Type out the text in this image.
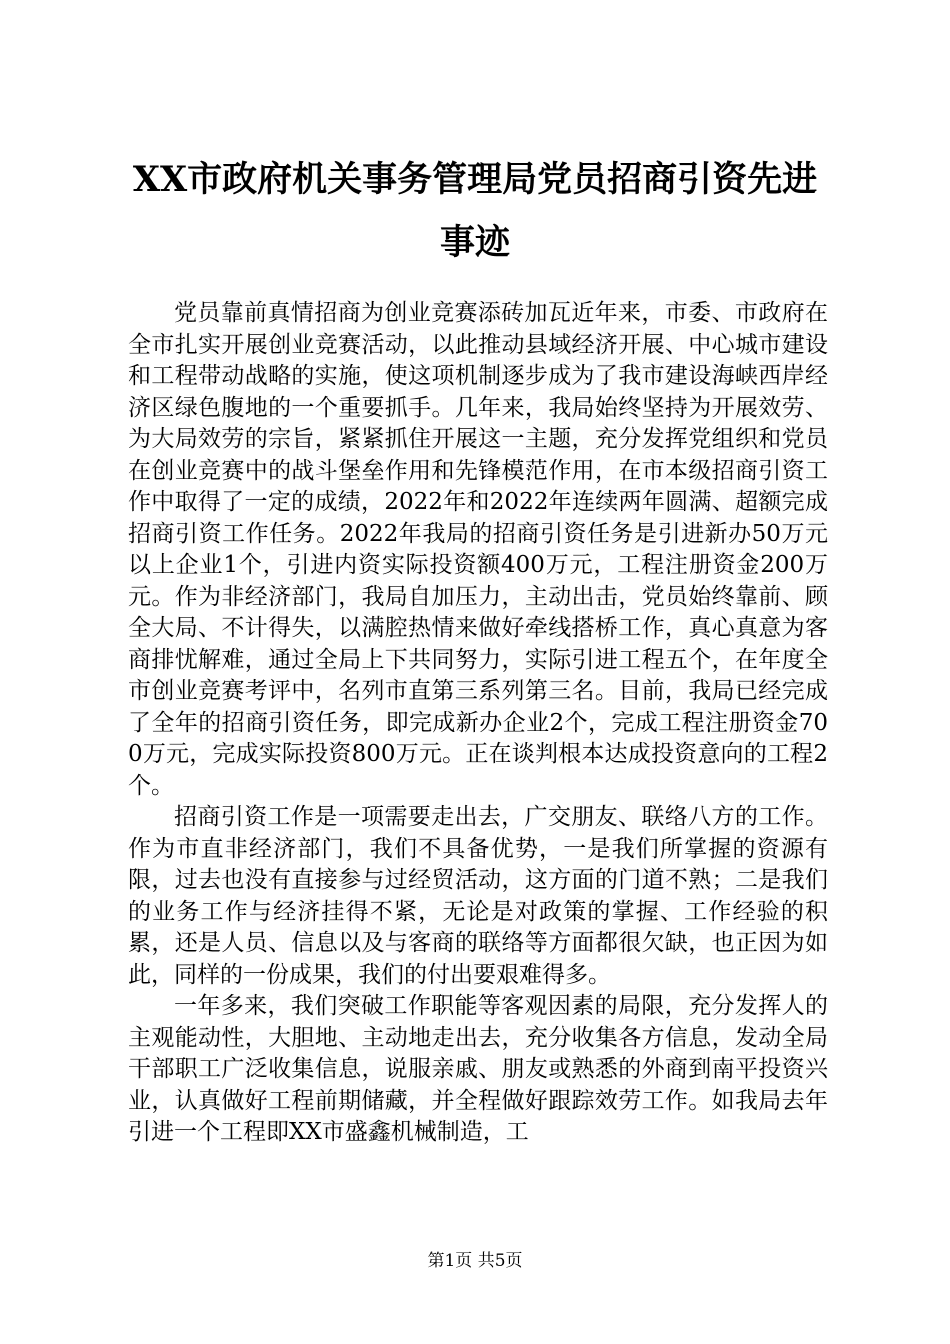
XX市政府机关事务管理局党员招商引资先进
事迹

党员靠前真情招商为创业竞赛添砖加瓦近年来，市委、市政府在全市扎实开展创业竞赛活动，以此推动县域经济开展、中心城市建设和工程带动战略的实施，使这项机制逐步成为了我市建设海峡西岸经济区绿色腹地的一个重要抓手。几年来，我局始终坚持为开展效劳、为大局效劳的宗旨，紧紧抓住开展这一主题，充分发挥党组织和党员在创业竞赛中的战斗堡垒作用和先锋模范作用，在市本级招商引资工作中取得了一定的成绩，2022年和2022年连续两年圆满、超额完成招商引资工作任务。2022年我局的招商引资任务是引进新办50万元以上企业1个，引进内资实际投资额400万元，工程注册资金200万元。作为非经济部门，我局自加压力，主动出击，党员始终靠前、顾全大局、不计得失，以满腔热情来做好牵线搭桥工作，真心真意为客商排忧解难，通过全局上下共同努力，实际引进工程五个，在年度全市创业竞赛考评中，名列市直第三系列第三名。目前，我局已经完成了全年的招商引资任务，即完成新办企业2个，完成工程注册资金700万元，完成实际投资800万元。正在谈判根本达成投资意向的工程2个。

招商引资工作是一项需要走出去，广交朋友、联络八方的工作。作为市直非经济部门，我们不具备优势，一是我们所掌握的资源有限，过去也没有直接参与过经贸活动，这方面的门道不熟；二是我们的业务工作与经济挂得不紧，无论是对政策的掌握、工作经验的积累，还是人员、信息以及与客商的联络等方面都很欠缺，也正因为如此，同样的一份成果，我们的付出要艰难得多。

一年多来，我们突破工作职能等客观因素的局限，充分发挥人的主观能动性，大胆地、主动地走出去，充分收集各方信息，发动全局干部职工广泛收集信息，说服亲戚、朋友或熟悉的外商到南平投资兴业，认真做好工程前期储藏，并全程做好跟踪效劳工作。如我局去年引进一个工程即XX市盛鑫机械制造，工

第1页 共5页
